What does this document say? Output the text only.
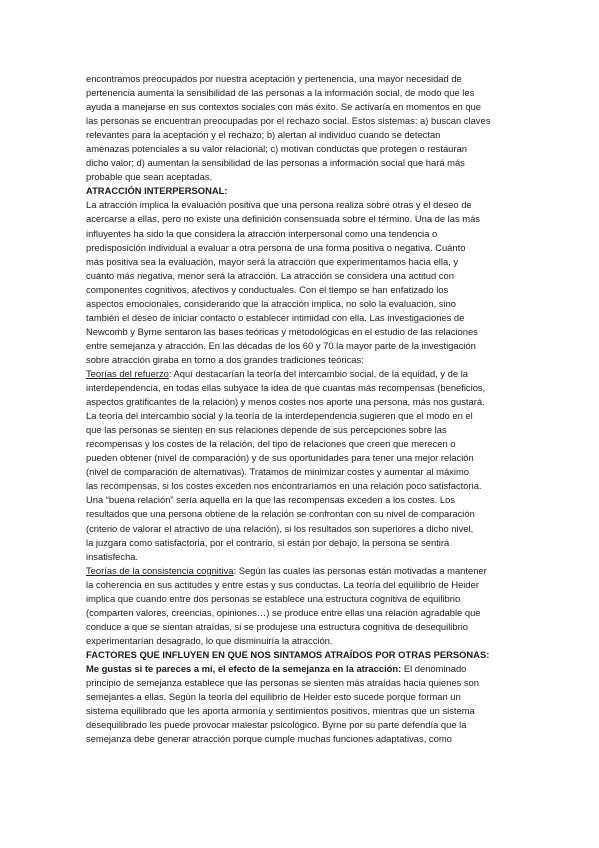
encontramos preocupados por nuestra aceptación y pertenencia, una mayor necesidad de

pertenencia aumenta la sensibilidad de las personas a la información social, de modo que les

ayuda a manejarse en sus contextos sociales con más éxito. Se activaría en momentos en que

las personas se encuentran preocupadas por el rechazo social. Estos sistemas: a) buscan claves

relevantes para la aceptación y el rechazo; b) alertan al individuo cuando se detectan

amenazas potenciales a su valor relacional; c) motivan conductas que protegen o restauran

dicho valor; d) aumentan la sensibilidad de las personas a información social que hará más

probable que sean aceptadas.

ATRACCIÓN INTERPERSONAL:

La atracción implica la evaluación positiva que una persona realiza sobre otras y el deseo de

acercarse a ellas, pero no existe una definición consensuada sobre el término. Una de las más

influyentes ha sido la que considera la atracción interpersonal como una tendencia o

predisposición individual a evaluar a otra persona de una forma positiva o negativa. Cuánto

más positiva sea la evaluación, mayor será la atracción que experimentamos hacia ella, y

cuánto más negativa, menor será la atracción. La atracción se considera una actitud con

componentes cognitivos, afectivos y conductuales. Con el tiempo se han enfatizado los

aspectos emocionales, considerando que la atracción implica, no solo la evaluación, sino

también el deseo de iniciar contacto o establecer intimidad con ella. Las investigaciones de

Newcomb y Byrne sentaron las bases teóricas y metodológicas en el estudio de las relaciones

entre semejanza y atracción. En las décadas de los 60 y 70 la mayor parte de la investigación

sobre atracción giraba en torno a dos grandes tradiciones teóricas:

Teorías del refuerzo: Aquí destacarían la teoría del intercambio social, de la equidad, y de la

interdependencia, en todas ellas subyace la idea de que cuantas más recompensas (beneficios,

aspectos gratificantes de la relación) y menos costes nos aporte una persona, más nos gustará.

La teoría del intercambio social y la teoría de la interdependencia sugieren que el modo en el

que las personas se sienten en sus relaciones depende de sus percepciones sobre las

recompensas y los costes de la relación, del tipo de relaciones que creen que merecen o

pueden obtener (nivel de comparación) y de sus oportunidades para tener una mejor relación

(nivel de comparación de alternativas). Tratamos de minimizar costes y aumentar al máximo

las recompensas, si los costes exceden nos encontraríamos en una relación poco satisfactoria.

Una “buena relación” sería aquella en la que las recompensas exceden a los costes. Los

resultados que una persona obtiene de la relación se confrontan con su nivel de comparación

(criterio de valorar el atractivo de una relación), si los resultados son superiores a dicho nivel,

la juzgara como satisfactoria, por el contrario, si están por debajo, la persona se sentirá

insatisfecha.

Teorías de la consistencia cognitiva: Según las cuales las personas están motivadas a mantener

la coherencia en sus actitudes y entre estas y sus conductas. La teoría del equilibrio de Heider

implica que cuando entre dos personas se establece una estructura cognitiva de equilibrio

(comparten valores, creencias, opiniones…) se produce entre ellas una relación agradable que

conduce a que se sientan atraídas, si se produjese una estructura cognitiva de desequilibrio

experimentarían desagrado, lo que disminuiría la atracción.

FACTORES QUE INFLUYEN EN QUE NOS SINTAMOS ATRAÍDOS POR OTRAS PERSONAS:

Me gustas si te pareces a mí, el efecto de la semejanza en la atracción: El denominado

principio de semejanza establece que las personas se sienten más atraídas hacia quienes son

semejantes a ellas. Según la teoría del equilibrio de Heider esto sucede porque forman un

sistema equilibrado que les aporta armonía y sentimientos positivos, mientras que un sistema

desequilibrado les puede provocar malestar psicológico. Byrne por su parte defendía que la

semejanza debe generar atracción porque cumple muchas funciones adaptativas, como
